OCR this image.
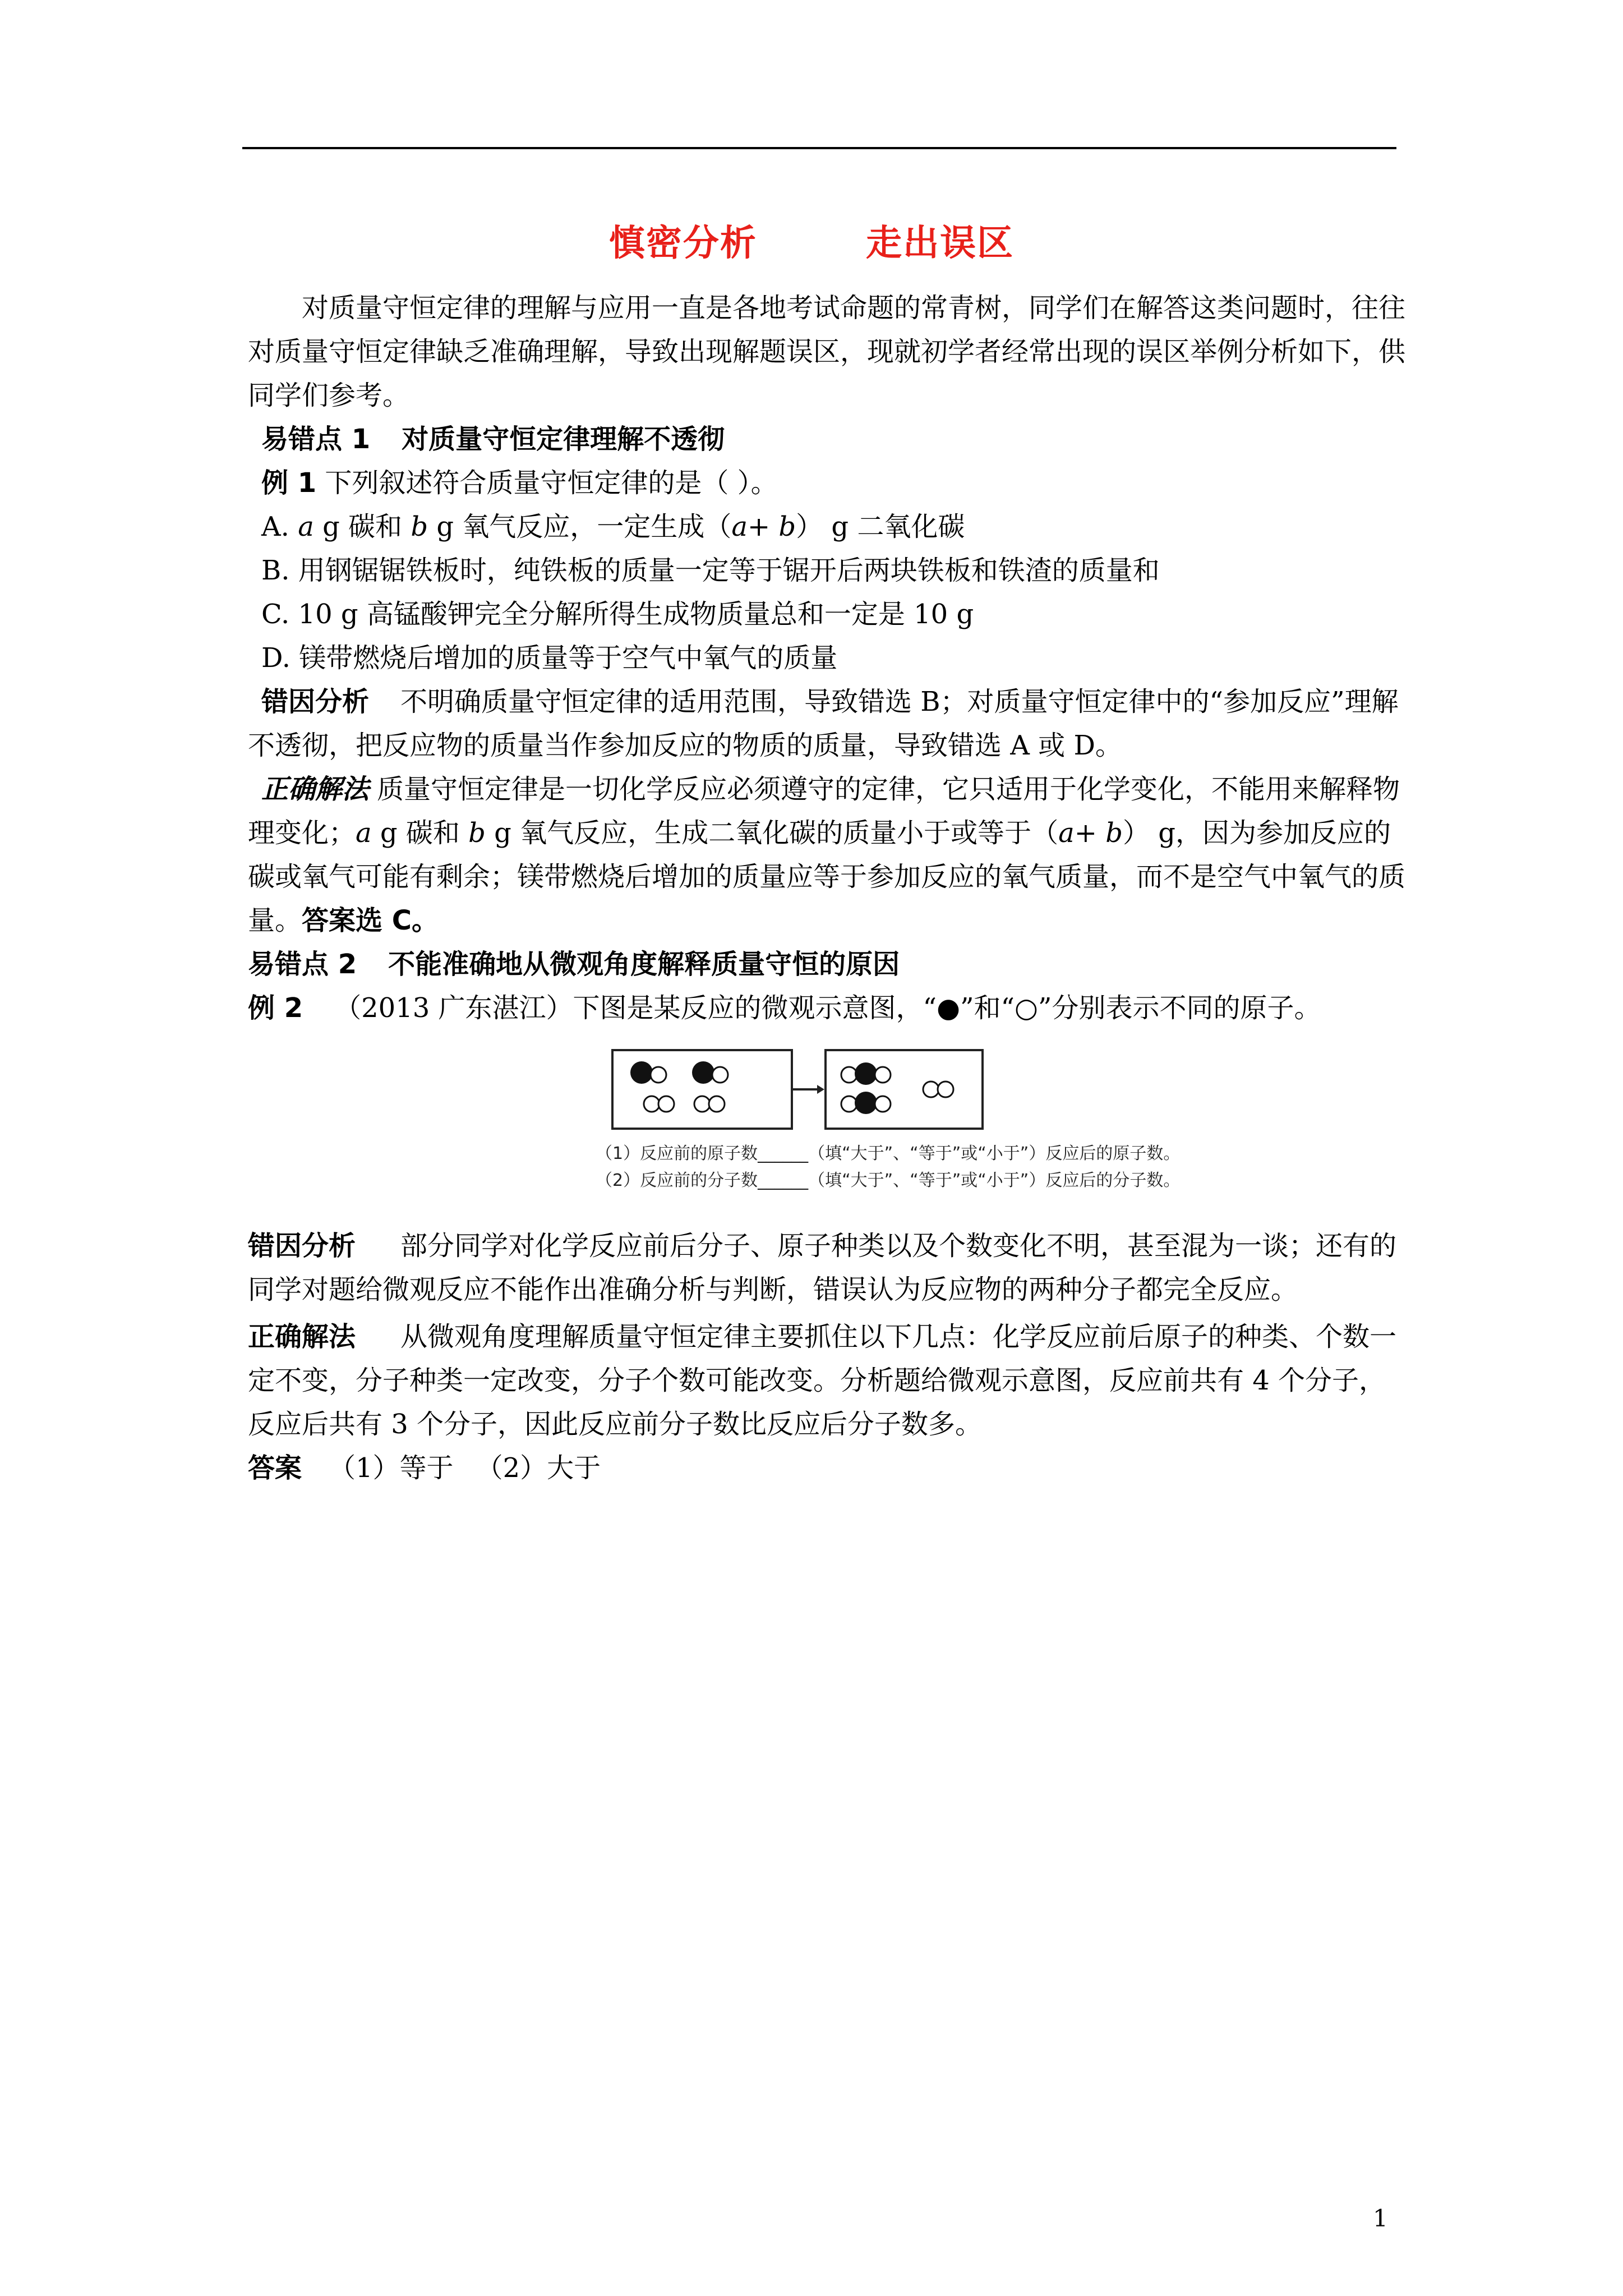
慎密分析        走出误区

对质量守恒定律的理解与应用一直是各地考试命题的常青树，同学们在解答这类问题时，往往对质量守恒定律缺乏准确理解，导致出现解题误区，现就初学者经常出现的误区举例分析如下，供同学们参考。

易错点 1 对质量守恒定律理解不透彻

例 1 下列叙述符合质量守恒定律的是（ ）。

A. a g 碳和 b g 氧气反应，一定生成（a+ b） g 二氧化碳

B. 用钢锯锯铁板时，纯铁板的质量一定等于锯开后两块铁板和铁渣的质量和

C. 10 g 高锰酸钾完全分解所得生成物质量总和一定是 10 g

D. 镁带燃烧后增加的质量等于空气中氧气的质量

错因分析 不明确质量守恒定律的适用范围，导致错选 B；对质量守恒定律中的“参加反应”理解不透彻，把反应物的质量当作参加反应的物质的质量，导致错选 A 或 D。

正确解法 质量守恒定律是一切化学反应必须遵守的定律，它只适用于化学变化，不能用来解释物理变化；a g 碳和 b g 氧气反应，生成二氧化碳的质量小于或等于（a+ b） g，因为参加反应的碳或氧气可能有剩余；镁带燃烧后增加的质量应等于参加反应的氧气质量，而不是空气中氧气的质量。答案选 C。

易错点 2 不能准确地从微观角度解释质量守恒的原因

例 2 （2013 广东湛江）下图是某反应的微观示意图，“●”和“○”分别表示不同的原子。

（1）反应前的原子数______（填“大于”、“等于”或“小于”）反应后的原子数。
（2）反应前的分子数______（填“大于”、“等于”或“小于”）反应后的分子数。

错因分析 部分同学对化学反应前后分子、原子种类以及个数变化不明，甚至混为一谈；还有的同学对题给微观反应不能作出准确分析与判断，错误认为反应物的两种分子都完全反应。

正确解法 从微观角度理解质量守恒定律主要抓住以下几点：化学反应前后原子的种类、个数一定不变，分子种类一定改变，分子个数可能改变。分析题给微观示意图，反应前共有 4 个分子，反应后共有 3 个分子，因此反应前分子数比反应后分子数多。

答案 （1）等于 （2）大于

1
